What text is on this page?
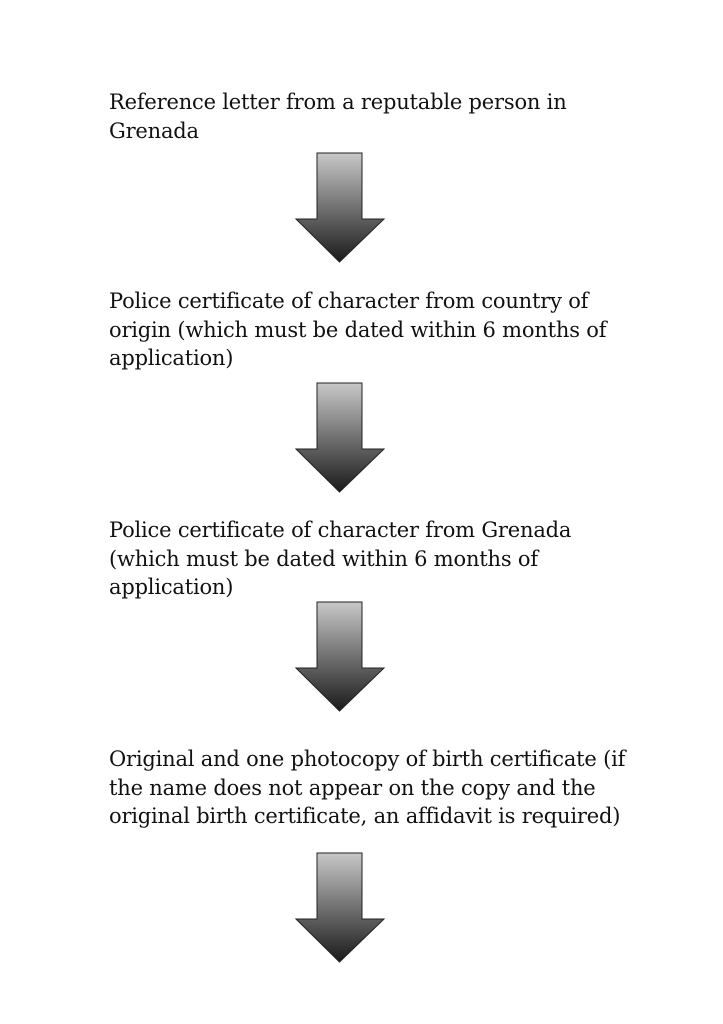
Reference letter from a reputable person in Grenada

Police certificate of character from country of origin (which must be dated within 6 months of application)

Police certificate of character from Grenada (which must be dated within 6 months of application)

Original and one photocopy of birth certificate (if the name does not appear on the copy and the original birth certificate, an affidavit is required)
